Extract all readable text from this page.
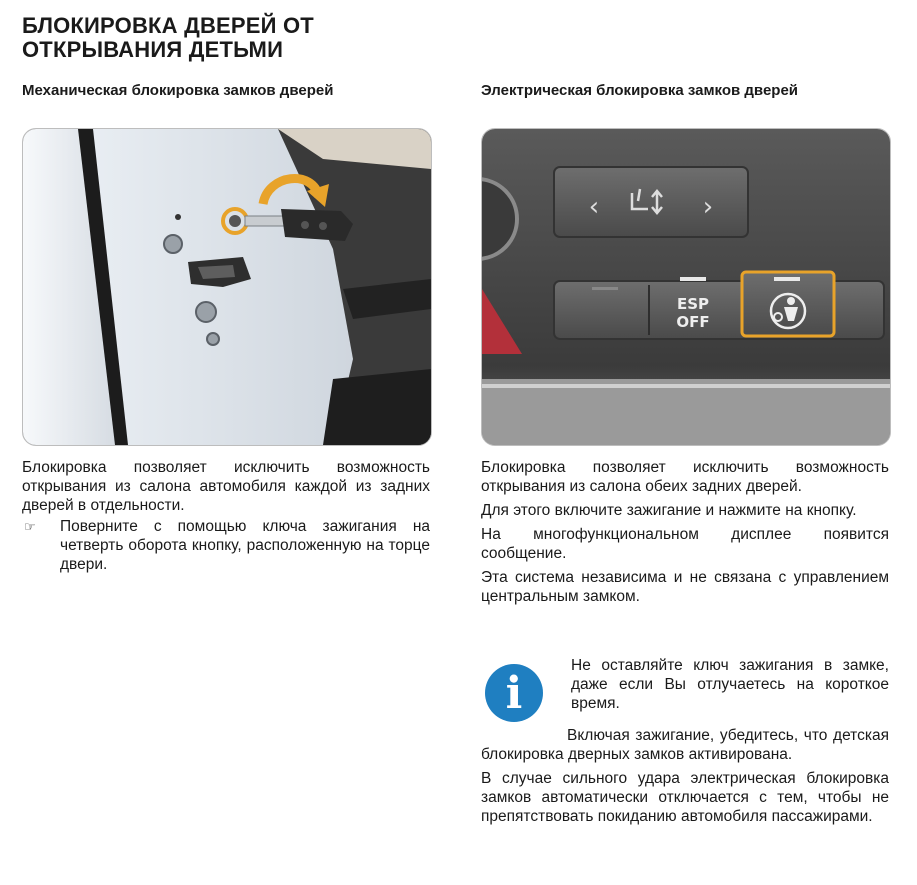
БЛОКИРОВКА ДВЕРЕЙ ОТ ОТКРЫВАНИЯ ДЕТЬМИ
Механическая блокировка замков дверей	Электрическая блокировка замков дверей
‹	›
ESP
OFF

Блокировка позволяет исключить возможность открывания из салона автомобиля каждой из задних дверей в отдельности.

☞	Поверните с помощью ключа зажигания на четверть оборота кнопку, расположенную на торце двери.

Блокировка позволяет исключить возможность открывания из салона обеих задних дверей.

Для этого включите зажигание и нажмите на кнопку.

На многофункциональном дисплее появится сообщение.

Эта система независима и не связана с управлением центральным замком.

i

Не оставляйте ключ зажигания в замке, даже если Вы отлучаетесь на короткое время.

Включая зажигание, убедитесь, что детская блокировка дверных замков активирована.

В случае сильного удара электрическая блокировка замков автоматически отключается с тем, чтобы не препятствовать покиданию автомобиля пассажирами.
